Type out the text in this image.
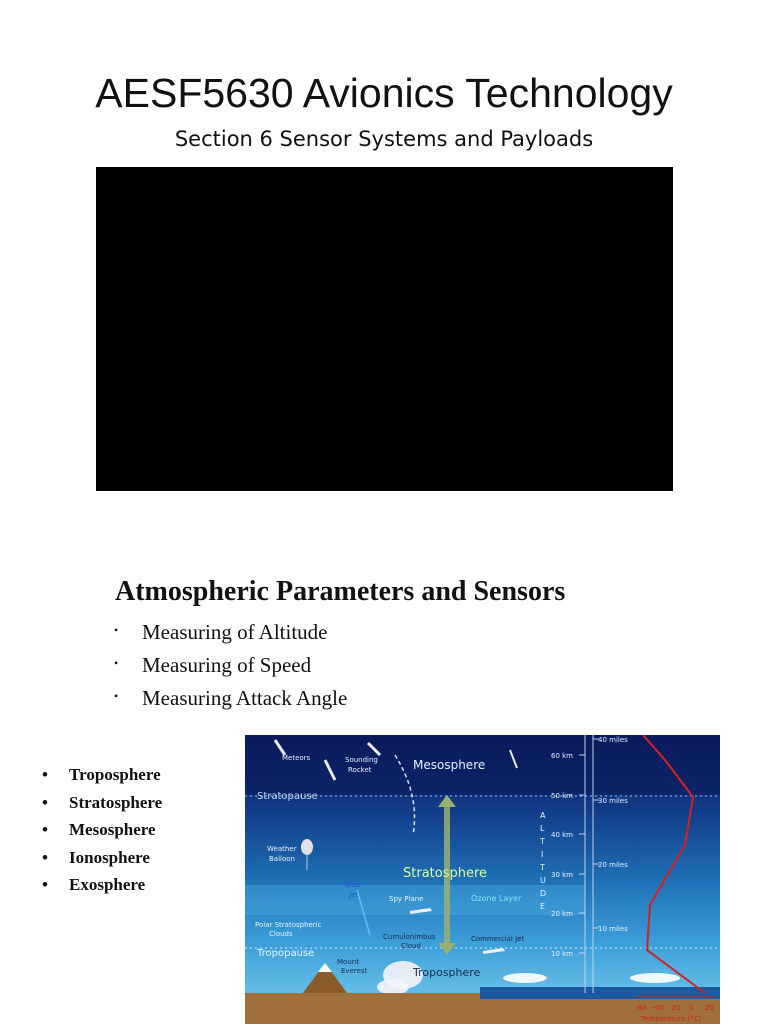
AESF5630 Avionics Technology
Section 6 Sensor Systems and Payloads
Atmospheric Parameters and Sensors
• Measuring of Altitude
• Measuring of Speed
• Measuring Attack Angle
• Troposphere
• Stratosphere
• Mesosphere
• Ionosphere
• Exosphere
Meteors	Sounding
Rocket	Mesosphere
Stratopause
Stratosphere
Weather
Balloon
Blue
Jet	Spy Plane	Ozone Layer
Polar Stratospheric
Clouds	Cumulonimbus
Cloud
Commercial Jet
Tropopause
Mount
Everest	Troposphere
A
L
T
I
T
U
D
E
60 km
50 km
40 km
30 km
20 km
10 km
40 miles
30 miles
20 miles
10 miles
-60 -40 -20 0 20
Temperature (°C)
